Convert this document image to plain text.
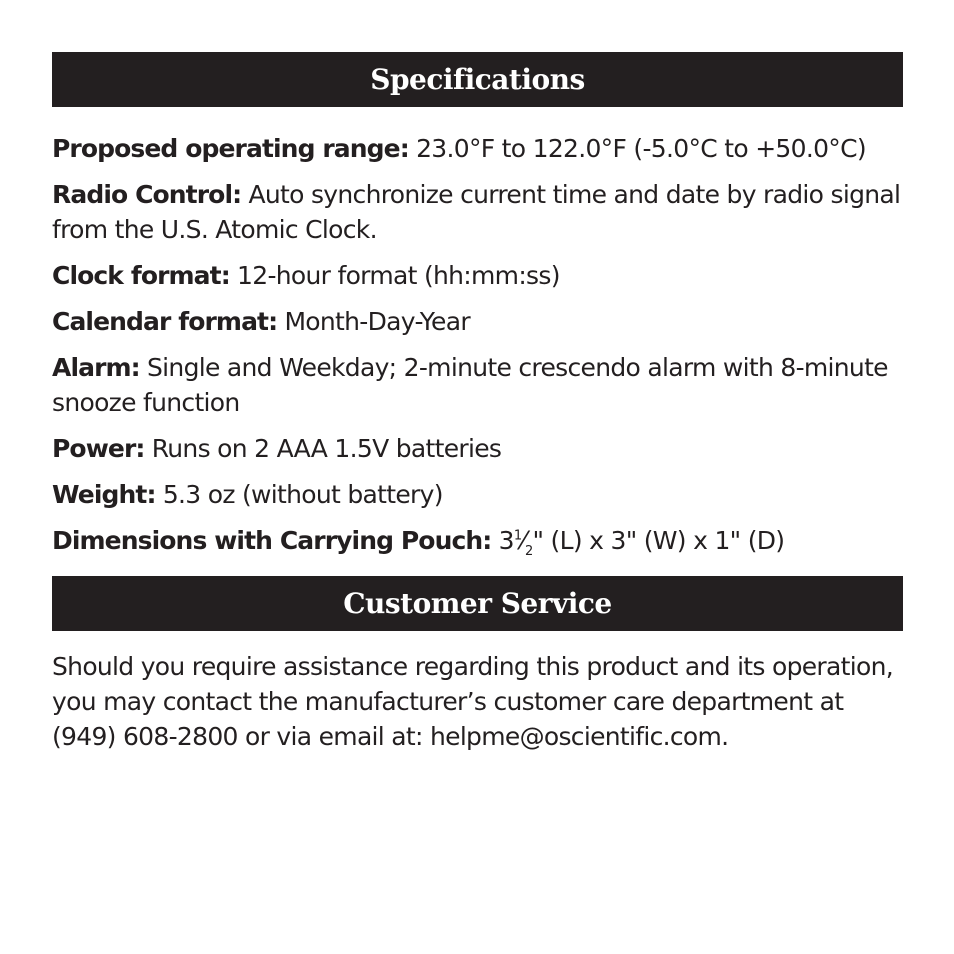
Specifications

Proposed operating range: 23.0°F to 122.0°F (-5.0°C to +50.0°C)

Radio Control: Auto synchronize current time and date by radio signal from the U.S. Atomic Clock.

Clock format: 12-hour format (hh:mm:ss)

Calendar format: Month-Day-Year

Alarm: Single and Weekday; 2-minute crescendo alarm with 8-minute snooze function

Power: Runs on 2 AAA 1.5V batteries

Weight: 5.3 oz (without battery)

Dimensions with Carrying Pouch: $3^1⁄_2$" (L) x 3" (W) x 1" (D)

Customer Service

Should you require assistance regarding this product and its operation, you may contact the manufacturer’s customer care department at (949) 608-2800 or via email at: helpme@oscientific.com.
